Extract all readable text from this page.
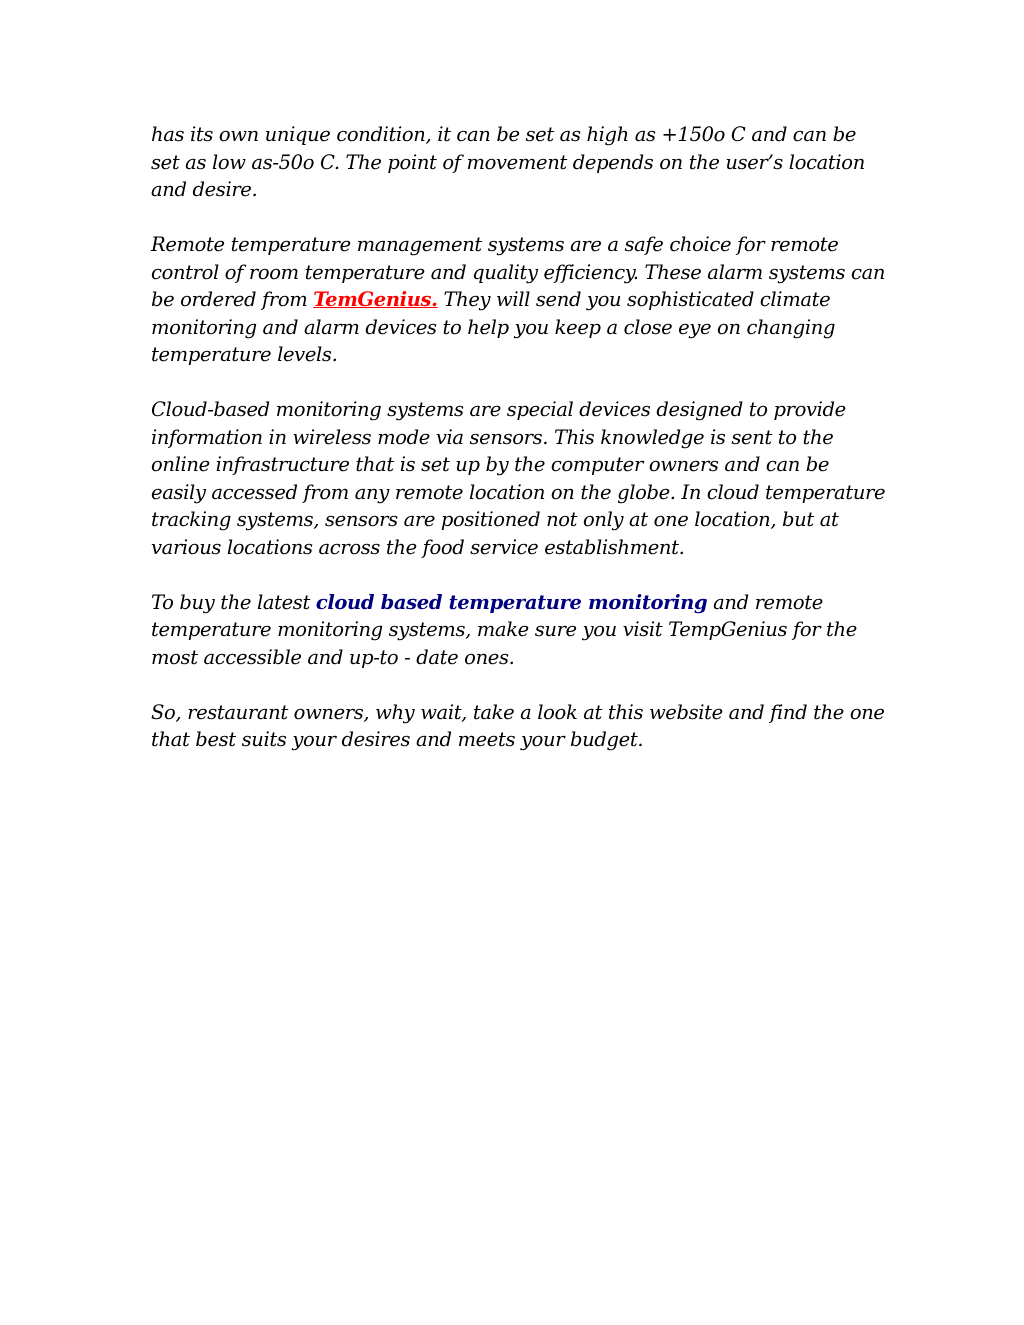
has its own unique condition, it can be set as high as +150o C and can be set as low as-50o C. The point of movement depends on the user’s location and desire.

Remote temperature management systems are a safe choice for remote control of room temperature and quality efficiency. These alarm systems can be ordered from TemGenius. They will send you sophisticated climate monitoring and alarm devices to help you keep a close eye on changing temperature levels.

Cloud-based monitoring systems are special devices designed to provide information in wireless mode via sensors. This knowledge is sent to the online infrastructure that is set up by the computer owners and can be easily accessed from any remote location on the globe. In cloud temperature tracking systems, sensors are positioned not only at one location, but at various locations across the food service establishment.

To buy the latest cloud based temperature monitoring and remote temperature monitoring systems, make sure you visit TempGenius for the most accessible and up-to - date ones.

So, restaurant owners, why wait, take a look at this website and find the one that best suits your desires and meets your budget.
